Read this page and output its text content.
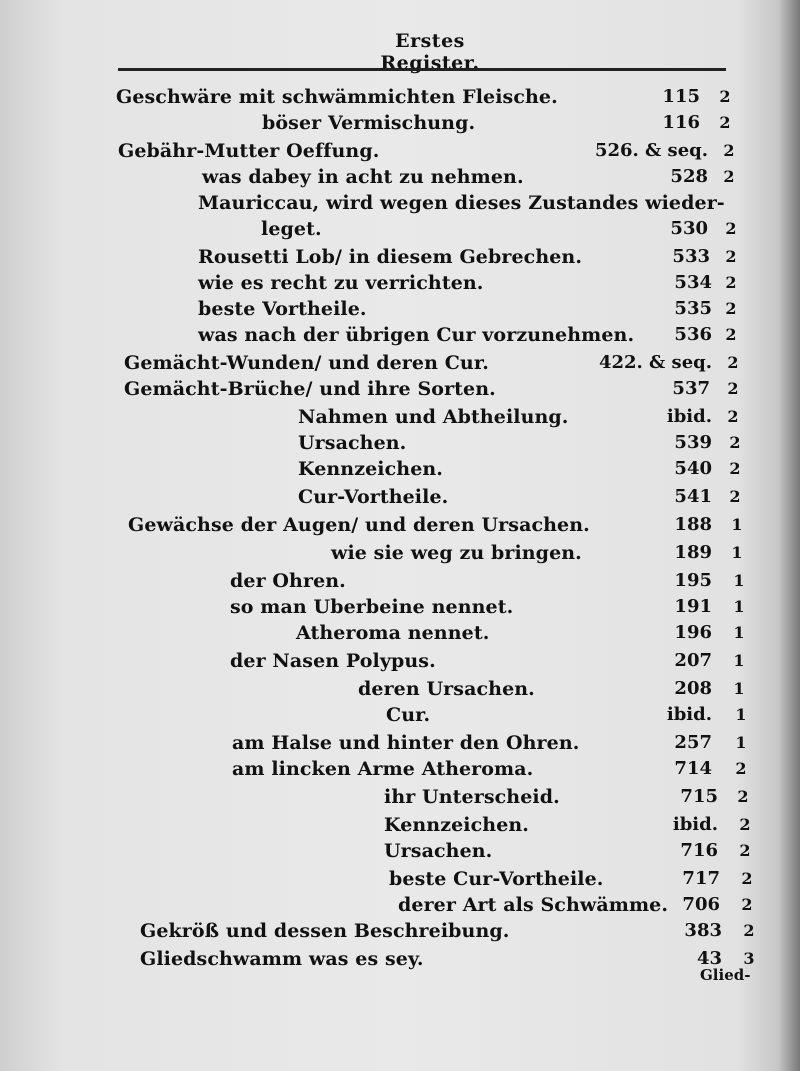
Erstes Register.
Geschwäre mit schwämmichten Fleische.	115 2
böser Vermischung.	116 2
Gebähr-Mutter Oeffung.	526. & seq. 2
was dabey in acht zu nehmen.	528 2
Mauriccau, wird wegen dieses Zustandes wieder-
leget.	530 2
Rousetti Lob/ in diesem Gebrechen.	533 2
wie es recht zu verrichten.	534 2
beste Vortheile.	535 2
was nach der übrigen Cur vorzunehmen. 536 2
Gemächt-Wunden/ und deren Cur.	422. & seq. 2
Gemächt-Brüche/ und ihre Sorten.	537 2
Nahmen und Abtheilung.	ibid. 2
Ursachen.	539 2
Kennzeichen.	540 2
Cur-Vortheile.	541 2
Gewächse der Augen/ und deren Ursachen.	188 1
wie sie weg zu bringen.	189 1
der Ohren.	195 1
so man Uberbeine nennet.	191 1
Atheroma nennet.	196 1
der Nasen Polypus.	207 1
deren Ursachen.	208 1
Cur.	ibid. 1
am Halse und hinter den Ohren.	257 1
am lincken Arme Atheroma.	714 2
ihr Unterscheid.	715 2
Kennzeichen.	ibid. 2
Ursachen.	716 2
beste Cur-Vortheile.	717 2
derer Art als Schwämme. 706 2
Gekröß und dessen Beschreibung.	383 2
Gliedschwamm was es sey.	43 3
Glied-
